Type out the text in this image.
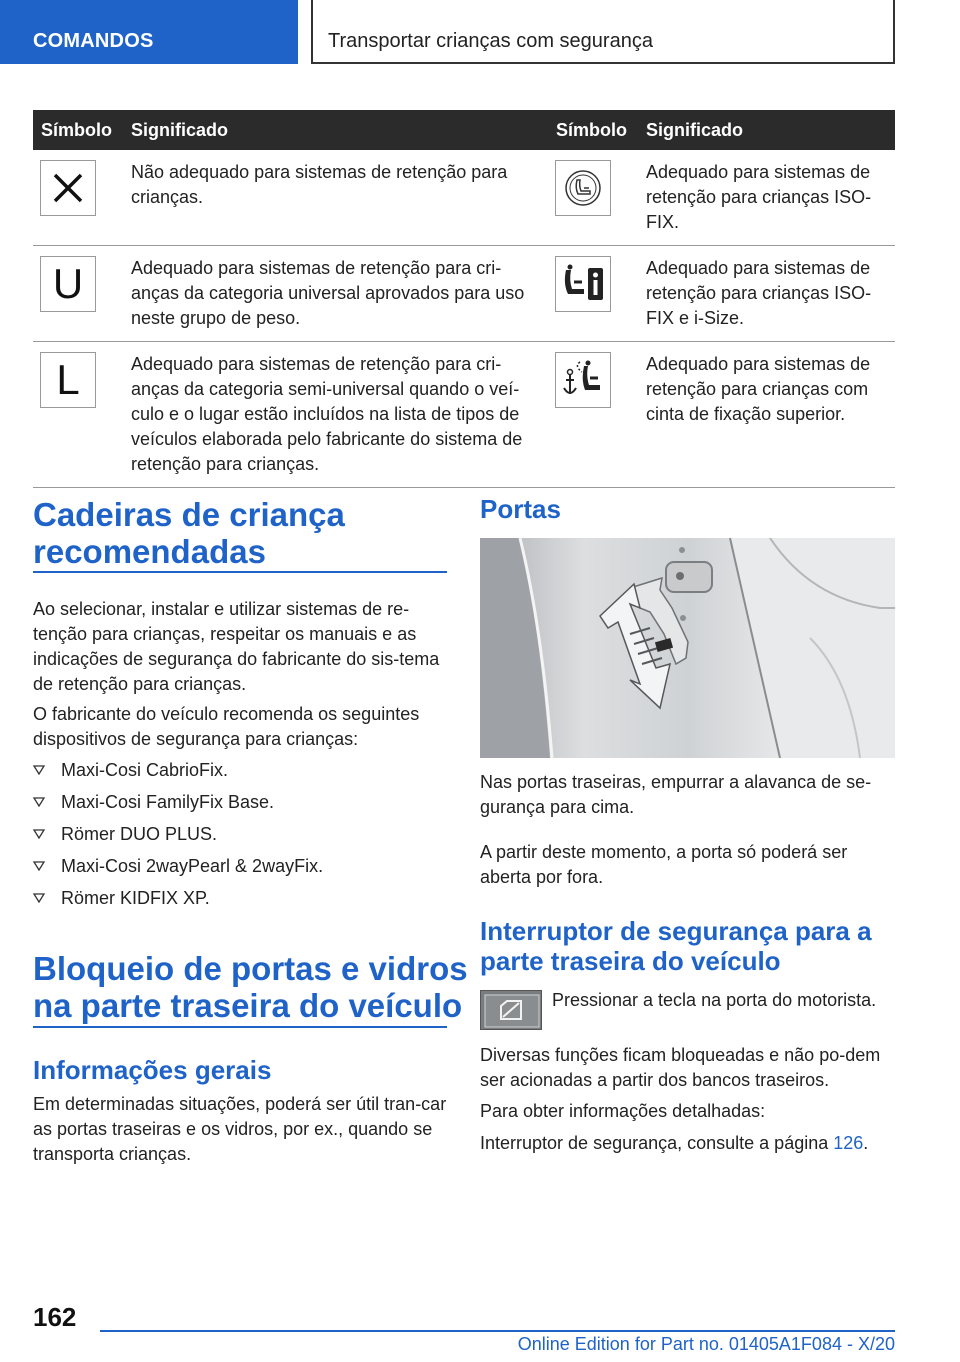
COMANDOS	Transportar crianças com segurança
Símbolo	Significado	Símbolo	Significado

	Não adequado para sistemas de retenção para crianças.		Adequado para sistemas de retenção para crianças ISO-FIX.

U	Adequado para sistemas de retenção para cri-anças da categoria universal aprovados para uso neste grupo de peso.		Adequado para sistemas de retenção para crianças ISO-FIX e i-Size.

L	Adequado para sistemas de retenção para cri-anças da categoria semi-universal quando o veí-culo e o lugar estão incluídos na lista de tipos de veículos elaborada pelo fabricante do sistema de retenção para crianças.		Adequado para sistemas de retenção para crianças com cinta de fixação superior.
Cadeiras de criança
recomendadas
Ao selecionar, instalar e utilizar sistemas de re-tenção para crianças, respeitar os manuais e as indicações de segurança do fabricante do sis-tema de retenção para crianças.
O fabricante do veículo recomenda os seguintes dispositivos de segurança para crianças:
Maxi-Cosi CabrioFix.
Maxi-Cosi FamilyFix Base.
Römer DUO PLUS.
Maxi-Cosi 2wayPearl & 2wayFix.
Römer KIDFIX XP.
Bloqueio de portas e vidros
na parte traseira do veículo
Informações gerais
Em determinadas situações, poderá ser útil tran-car as portas traseiras e os vidros, por ex., quando se transporta crianças.
Portas
Nas portas traseiras, empurrar a alavanca de se-gurança para cima.
A partir deste momento, a porta só poderá ser aberta por fora.
Interruptor de segurança para a
parte traseira do veículo
Pressionar a tecla na porta do motorista.
Diversas funções ficam bloqueadas e não po-dem ser acionadas a partir dos bancos traseiros.
Para obter informações detalhadas:
Interruptor de segurança, consulte a página 126.
162
Online Edition for Part no. 01405A1F084 - X/20
